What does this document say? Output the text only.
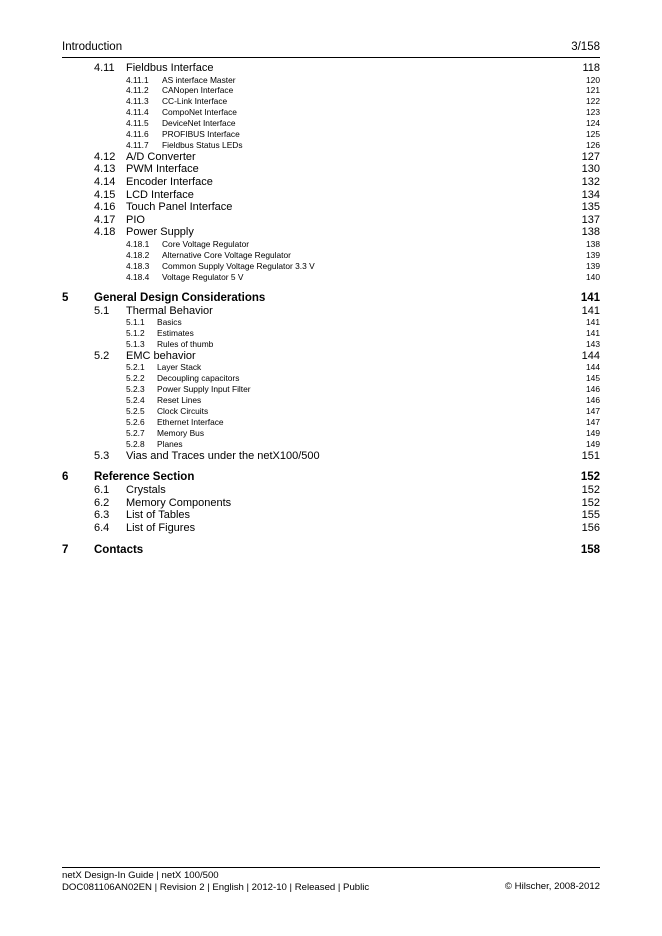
Introduction	3/158
4.11	Fieldbus Interface	118
4.11.1	AS interface Master	120
4.11.2	CANopen Interface	121
4.11.3	CC-Link Interface	122
4.11.4	CompoNet Interface	123
4.11.5	DeviceNet Interface	124
4.11.6	PROFIBUS Interface	125
4.11.7	Fieldbus Status LEDs	126
4.12 A/D Converter	127
4.13 PWM Interface	130
4.14 Encoder Interface	132
4.15 LCD Interface	134
4.16 Touch Panel Interface	135
4.17 PIO	137
4.18 Power Supply	138
4.18.1	Core Voltage Regulator	138
4.18.2	Alternative Core Voltage Regulator	139
4.18.3	Common Supply Voltage Regulator 3.3 V	139
4.18.4	Voltage Regulator 5 V	140
5	General Design Considerations	141
5.1	Thermal Behavior	141
5.1.1	Basics	141
5.1.2	Estimates	141
5.1.3	Rules of thumb	143
5.2	EMC behavior	144
5.2.1	Layer Stack	144
5.2.2	Decoupling capacitors	145
5.2.3	Power Supply Input Filter	146
5.2.4	Reset Lines	146
5.2.5	Clock Circuits	147
5.2.6	Ethernet Interface	147
5.2.7	Memory Bus	149
5.2.8	Planes	149
5.3	Vias and Traces under the netX100/500	151
6	Reference Section	152
6.1	Crystals	152
6.2	Memory Components	152
6.3	List of Tables	155
6.4	List of Figures	156
7	Contacts	158
netX Design-In Guide | netX 100/500
DOC081106AN02EN | Revision 2 | English | 2012-10 | Released | Public	© Hilscher, 2008-2012
